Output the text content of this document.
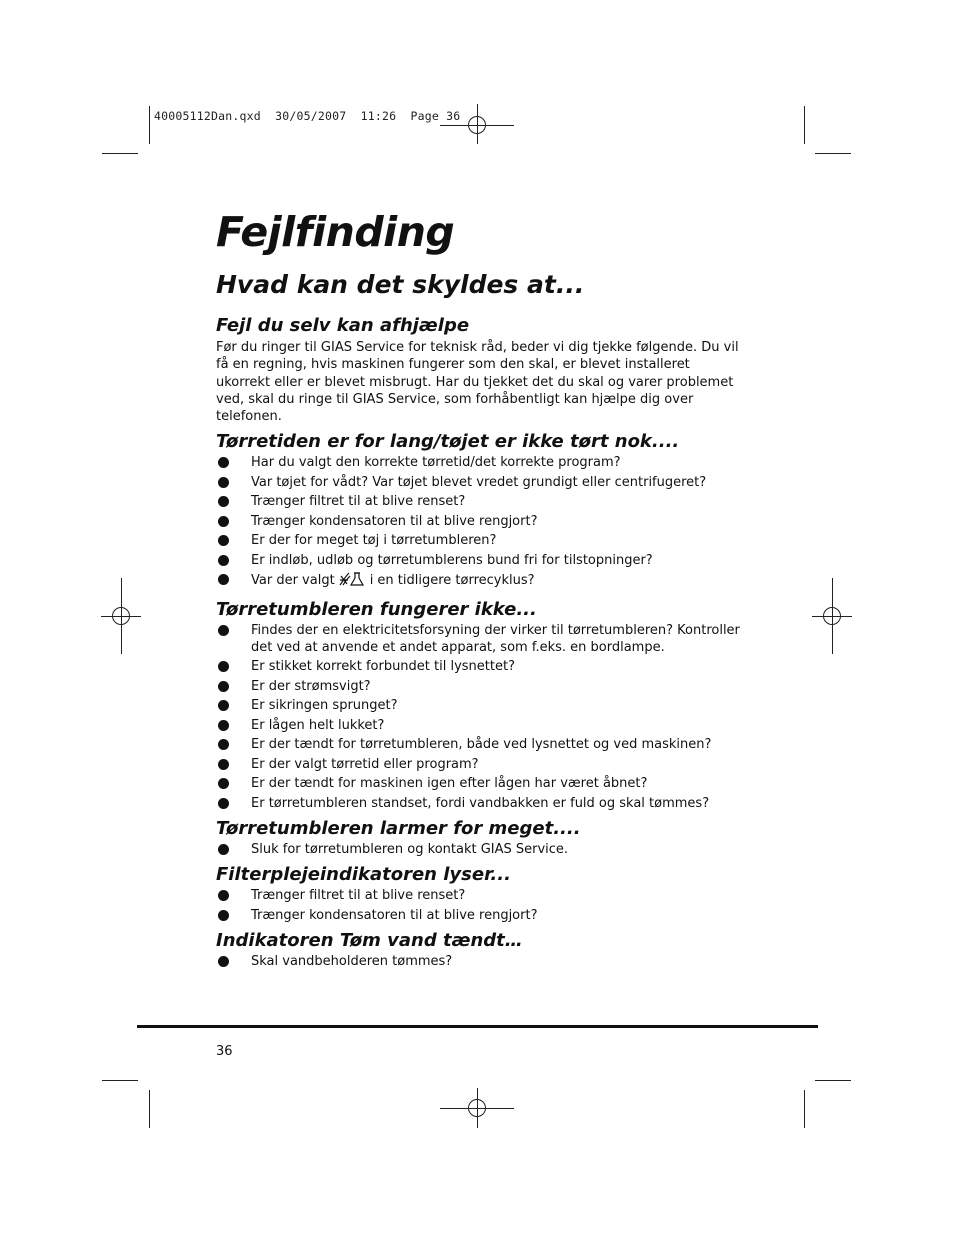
40005112Dan.qxd  30/05/2007  11:26  Page 36
Fejlfinding
Hvad kan det skyldes at...
Fejl du selv kan afhjælpe

Før du ringer til GIAS Service for teknisk råd, beder vi dig tjekke følgende. Du vil få en regning, hvis maskinen fungerer som den skal, er blevet installeret ukorrekt eller er blevet misbrugt. Har du tjekket det du skal og varer problemet ved, skal du ringe til GIAS Service, som forhåbentligt kan hjælpe dig over telefonen.

Tørretiden er for lang/tøjet er ikke tørt nok....
Har du valgt den korrekte tørretid/det korrekte program?
Var tøjet for vådt? Var tøjet blevet vredet grundigt eller centrifugeret?
Trænger filtret til at blive renset?
Trænger kondensatoren til at blive rengjort?
Er der for meget tøj i tørretumbleren?
Er indløb, udløb og tørretumblerens bund fri for tilstopninger?
Var der valgt	i en tidligere tørrecyklus?
Tørretumbleren fungerer ikke...
Findes der en elektricitetsforsyning der virker til tørretumbleren? Kontroller det ved at anvende et andet apparat, som f.eks. en bordlampe.
Er stikket korrekt forbundet til lysnettet?
Er der strømsvigt?
Er sikringen sprunget?
Er lågen helt lukket?
Er der tændt for tørretumbleren, både ved lysnettet og ved maskinen?
Er der valgt tørretid eller program?
Er der tændt for maskinen igen efter lågen har været åbnet?
Er tørretumbleren standset, fordi vandbakken er fuld og skal tømmes?
Tørretumbleren larmer for meget....
Sluk for tørretumbleren og kontakt GIAS Service.
Filterplejeindikatoren lyser...
Trænger filtret til at blive renset?
Trænger kondensatoren til at blive rengjort?
Indikatoren Tøm vand tændt…
Skal vandbeholderen tømmes?
36
